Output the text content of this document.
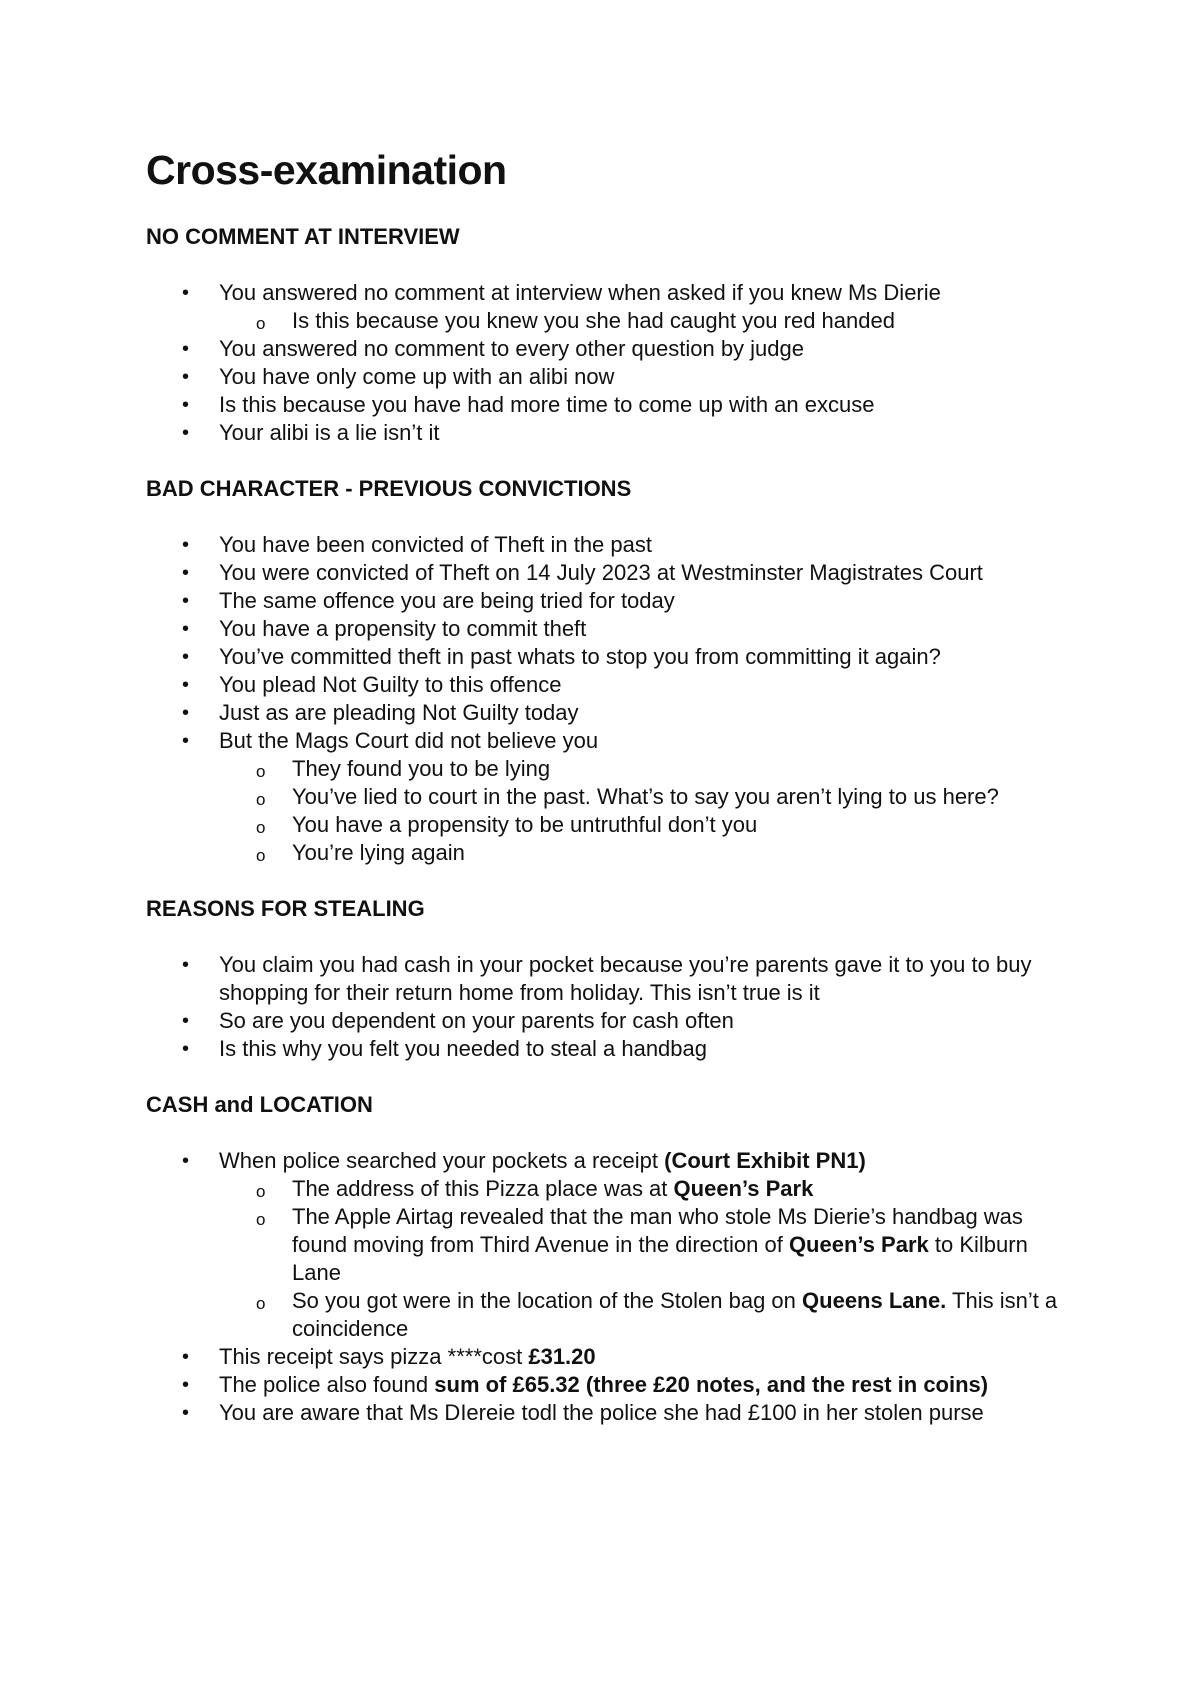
Cross-examination
NO COMMENT AT INTERVIEW
• You answered no comment at interview when asked if you knew Ms Dierie
o Is this because you knew you she had caught you red handed
• You answered no comment to every other question by judge
• You have only come up with an alibi now
• Is this because you have had more time to come up with an excuse
• Your alibi is a lie isn’t it
BAD CHARACTER - PREVIOUS CONVICTIONS
• You have been convicted of Theft in the past
• You were convicted of Theft on 14 July 2023 at Westminster Magistrates Court
• The same offence you are being tried for today
• You have a propensity to commit theft
• You’ve committed theft in past whats to stop you from committing it again?
• You plead Not Guilty to this offence
• Just as are pleading Not Guilty today
• But the Mags Court did not believe you
o They found you to be lying
o You’ve lied to court in the past. What’s to say you aren’t lying to us here?
o You have a propensity to be untruthful don’t you
o You’re lying again
REASONS FOR STEALING
• You claim you had cash in your pocket because you’re parents gave it to you to buy shopping for their return home from holiday. This isn’t true is it
• So are you dependent on your parents for cash often
• Is this why you felt you needed to steal a handbag
CASH and LOCATION
• When police searched your pockets a receipt (Court Exhibit PN1)
o The address of this Pizza place was at Queen’s Park
o The Apple Airtag revealed that the man who stole Ms Dierie’s handbag was found moving from Third Avenue in the direction of Queen’s Park to Kilburn Lane
o So you got were in the location of the Stolen bag on Queens Lane. This isn’t a coincidence
• This receipt says pizza ****cost £31.20
• The police also found sum of £65.32 (three £20 notes, and the rest in coins)
• You are aware that Ms DIereie todl the police she had £100 in her stolen purse
